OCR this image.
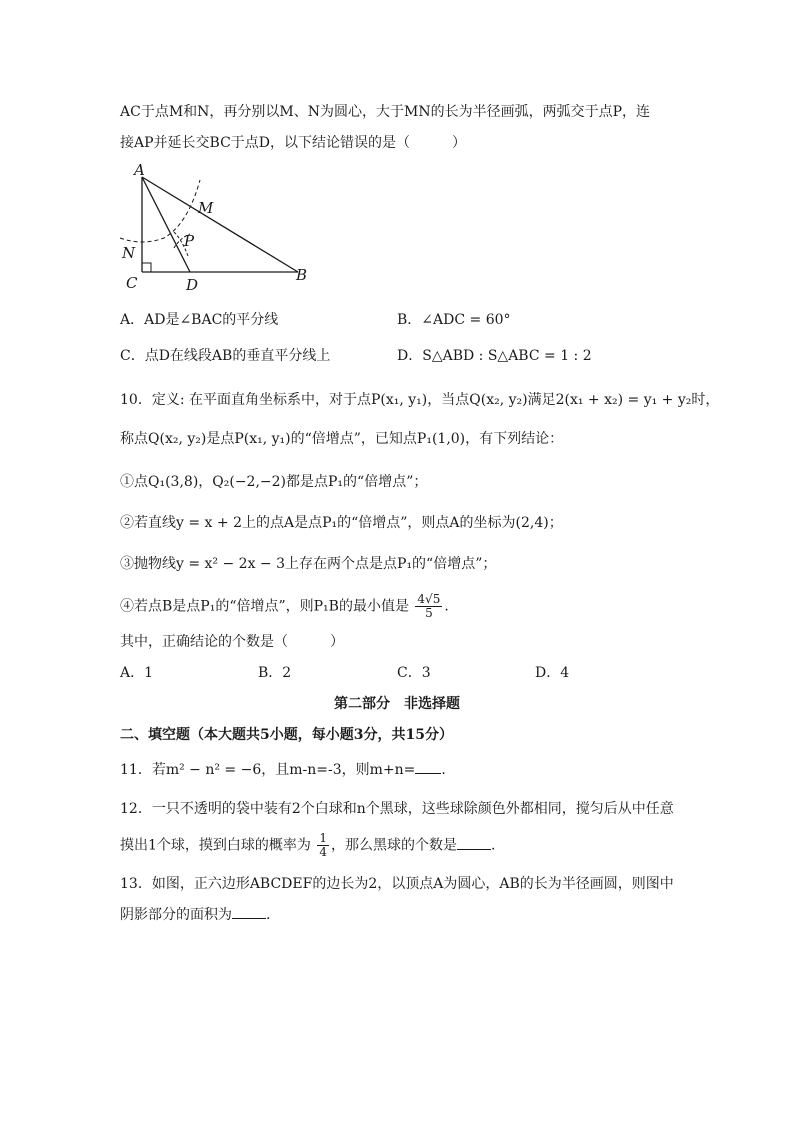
AC于点M和N，再分别以M、N为圆心，大于MN的长为半径画弧，两弧交于点P，连
接AP并延长交BC于点D，以下结论错误的是（　　　）
A
M
P
N
C	D
B
A．AD是∠BAC的平分线	B．∠ADC = 60°
C．点D在线段AB的垂直平分线上	D．S△ABD : S△ABC = 1 : 2
10．定义: 在平面直角坐标系中，对于点P(x₁, y₁)，当点Q(x₂, y₂)满足2(x₁ + x₂) = y₁ + y₂时，
称点Q(x₂, y₂)是点P(x₁, y₁)的“倍增点”，已知点P₁(1,0)，有下列结论：
①点Q₁(3,8)，Q₂(−2,−2)都是点P₁的“倍增点”；
②若直线y = x + 2上的点A是点P₁的“倍增点”，则点A的坐标为(2,4)；
③抛物线y = x² − 2x − 3上存在两个点是点P₁的“倍增点”；
④若点B是点P₁的“倍增点”，则P₁B的最小值是 $\frac{4√5}{5}$ .
其中，正确结论的个数是（　　　）
A．1	B．2	C．3	D．4
第二部分　非选择题
二、填空题（本大题共5小题，每小题3分，共15分）
11．若m² − n² = −6，且m-n=-3，则m+n= .
12．一只不透明的袋中装有2个白球和n个黑球，这些球除颜色外都相同，搅匀后从中任意
摸出1个球，摸到白球的概率为 $\frac{1}{4}$ ，那么黑球的个数是 .
13．如图，正六边形ABCDEF的边长为2，以顶点A为圆心，AB的长为半径画圆，则图中
阴影部分的面积为 .
